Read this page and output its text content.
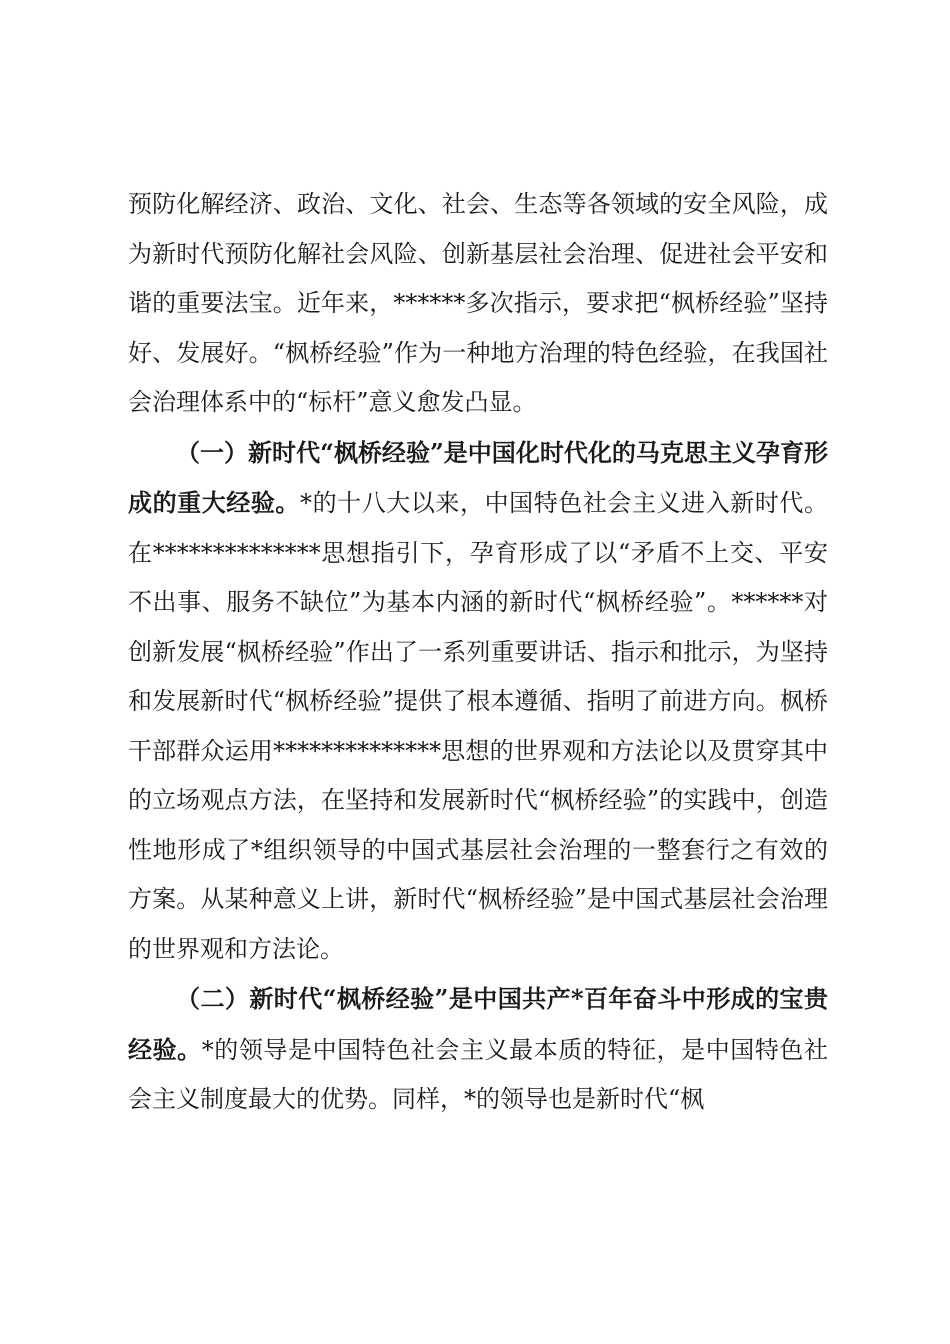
预防化解经济、政治、文化、社会、生态等各领域的安全风险，成为新时代预防化解社会风险、创新基层社会治理、促进社会平安和谐的重要法宝。近年来，******多次指示，要求把“枫桥经验”坚持好、发展好。“枫桥经验”作为一种地方治理的特色经验，在我国社会治理体系中的“标杆”意义愈发凸显。

（一）新时代“枫桥经验”是中国化时代化的马克思主义孕育形成的重大经验。*的十八大以来，中国特色社会主义进入新时代。在**************思想指引下，孕育形成了以“矛盾不上交、平安不出事、服务不缺位”为基本内涵的新时代“枫桥经验”。******对创新发展“枫桥经验”作出了一系列重要讲话、指示和批示，为坚持和发展新时代“枫桥经验”提供了根本遵循、指明了前进方向。枫桥干部群众运用**************思想的世界观和方法论以及贯穿其中的立场观点方法，在坚持和发展新时代“枫桥经验”的实践中，创造性地形成了*组织领导的中国式基层社会治理的一整套行之有效的方案。从某种意义上讲，新时代“枫桥经验”是中国式基层社会治理的世界观和方法论。

（二）新时代“枫桥经验”是中国共产*百年奋斗中形成的宝贵经验。*的领导是中国特色社会主义最本质的特征，是中国特色社会主义制度最大的优势。同样，*的领导也是新时代“枫
